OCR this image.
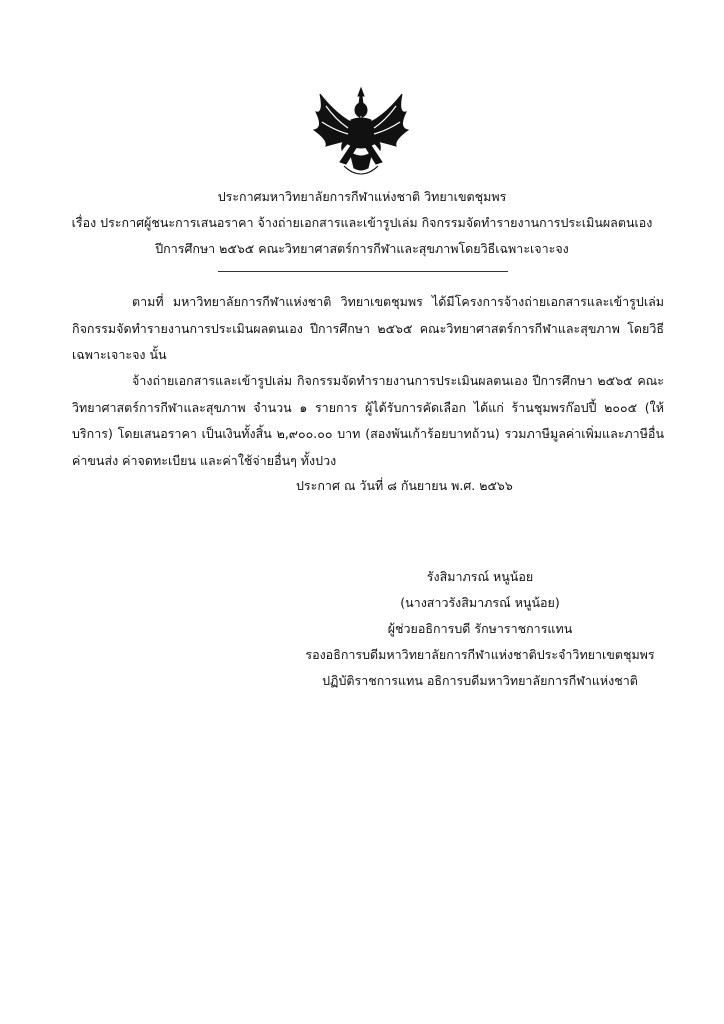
ประกาศมหาวิทยาลัยการกีฬาแห่งชาติ วิทยาเขตชุมพร
เรื่อง ประกาศผู้ชนะการเสนอราคา จ้างถ่ายเอกสารและเข้ารูปเล่ม กิจกรรมจัดทำรายงานการประเมินผลตนเอง
ปีการศึกษา ๒๕๖๕ คณะวิทยาศาสตร์การกีฬาและสุขภาพโดยวิธีเฉพาะเจาะจง
ตามที่ มหาวิทยาลัยการกีฬาแห่งชาติ วิทยาเขตชุมพร ได้มีโครงการจ้างถ่ายเอกสารและเข้ารูปเล่ม กิจกรรมจัดทำรายงานการประเมินผลตนเอง ปีการศึกษา ๒๕๖๕ คณะวิทยาศาสตร์การกีฬาและสุขภาพ โดยวิธีเฉพาะเจาะจง นั้น
จ้างถ่ายเอกสารและเข้ารูปเล่ม กิจกรรมจัดทำรายงานการประเมินผลตนเอง ปีการศึกษา ๒๕๖๕ คณะวิทยาศาสตร์การกีฬาและสุขภาพ จำนวน ๑ รายการ ผู้ได้รับการคัดเลือก ได้แก่ ร้านชุมพรก๊อปปี้ ๒๐๐๕ (ให้บริการ) โดยเสนอราคา เป็นเงินทั้งสิ้น ๒,๙๐๐.๐๐ บาท (สองพันเก้าร้อยบาทถ้วน) รวมภาษีมูลค่าเพิ่มและภาษีอื่น ค่าขนส่ง ค่าจดทะเบียน และค่าใช้จ่ายอื่นๆ ทั้งปวง
ประกาศ ณ วันที่ ๘ กันยายน พ.ศ. ๒๕๖๖
รังสิมาภรณ์ หนูน้อย
(นางสาวรังสิมาภรณ์ หนูน้อย)
ผู้ช่วยอธิการบดี รักษาราชการแทน
รองอธิการบดีมหาวิทยาลัยการกีฬาแห่งชาติประจำวิทยาเขตชุมพร
ปฏิบัติราชการแทน อธิการบดีมหาวิทยาลัยการกีฬาแห่งชาติ
